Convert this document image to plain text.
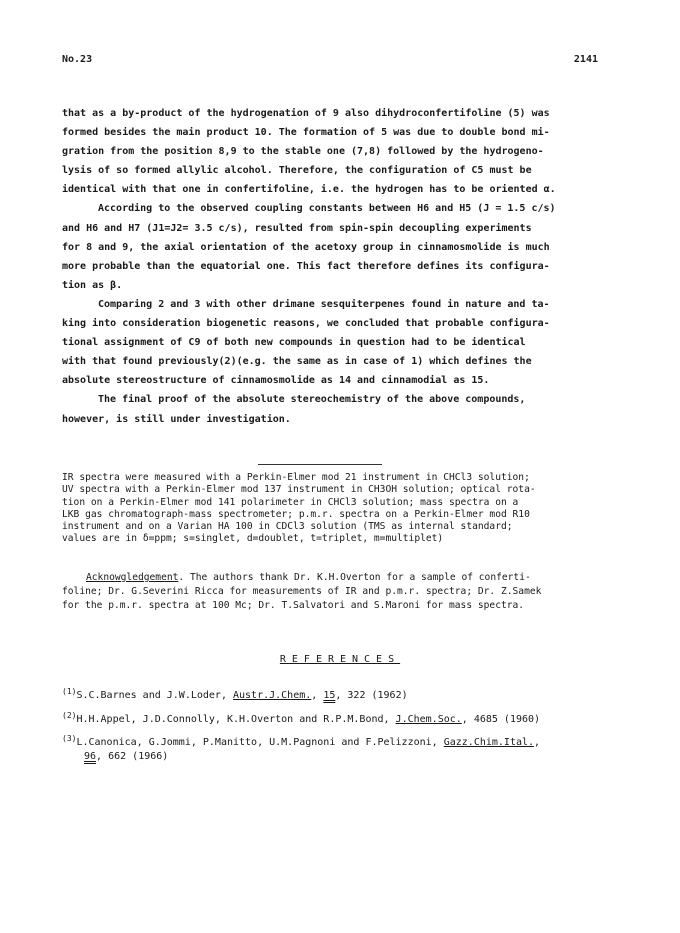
No.23	2141
that as a by-product of the hydrogenation of 9 also dihydroconfertifoline (5) was
formed besides the main product 10. The formation of 5 was due to double bond mi-
gration from the position 8,9 to the stable one (7,8) followed by the hydrogeno-
lysis of so formed allylic alcohol. Therefore, the configuration of C5 must be
identical with that one in confertifoline, i.e. the hydrogen has to be oriented α.
According to the observed coupling constants between H6 and H5 (J = 1.5 c/s)
and H6 and H7 (J1=J2= 3.5 c/s), resulted from spin-spin decoupling experiments
for 8 and 9, the axial orientation of the acetoxy group in cinnamosmolide is much
more probable than the equatorial one. This fact therefore defines its configura-
tion as β.
Comparing 2 and 3 with other drimane sesquiterpenes found in nature and ta-
king into consideration biogenetic reasons, we concluded that probable configura-
tional assignment of C9 of both new compounds in question had to be identical
with that found previously(2)(e.g. the same as in case of 1) which defines the
absolute stereostructure of cinnamosmolide as 14 and cinnamodial as 15.
The final proof of the absolute stereochemistry of the above compounds,
however, is still under investigation.
IR spectra were measured with a Perkin-Elmer mod 21 instrument in CHCl3 solution;
UV spectra with a Perkin-Elmer mod 137 instrument in CH3OH solution; optical rota-
tion on a Perkin-Elmer mod 141 polarimeter in CHCl3 solution; mass spectra on a
LKB gas chromatograph-mass spectrometer; p.m.r. spectra on a Perkin-Elmer mod R10
instrument and on a Varian HA 100 in CDCl3 solution (TMS as internal standard;
values are in δ=ppm; s=singlet, d=doublet, t=triplet, m=multiplet)
Acknowgledgement. The authors thank Dr. K.H.Overton for a sample of conferti-
foline; Dr. G.Severini Ricca for measurements of IR and p.m.r. spectra; Dr. Z.Samek
for the p.m.r. spectra at 100 Mc; Dr. T.Salvatori and S.Maroni for mass spectra.
REFERENCES
$^{(1)}$S.C.Barnes and J.W.Loder, Austr.J.Chem., 15, 322 (1962)
$^{(2)}$H.H.Appel, J.D.Connolly, K.H.Overton and R.P.M.Bond, J.Chem.Soc., 4685 (1960)
$^{(3)}$L.Canonica, G.Jommi, P.Manitto, U.M.Pagnoni and F.Pelizzoni, Gazz.Chim.Ital.,
96, 662 (1966)
